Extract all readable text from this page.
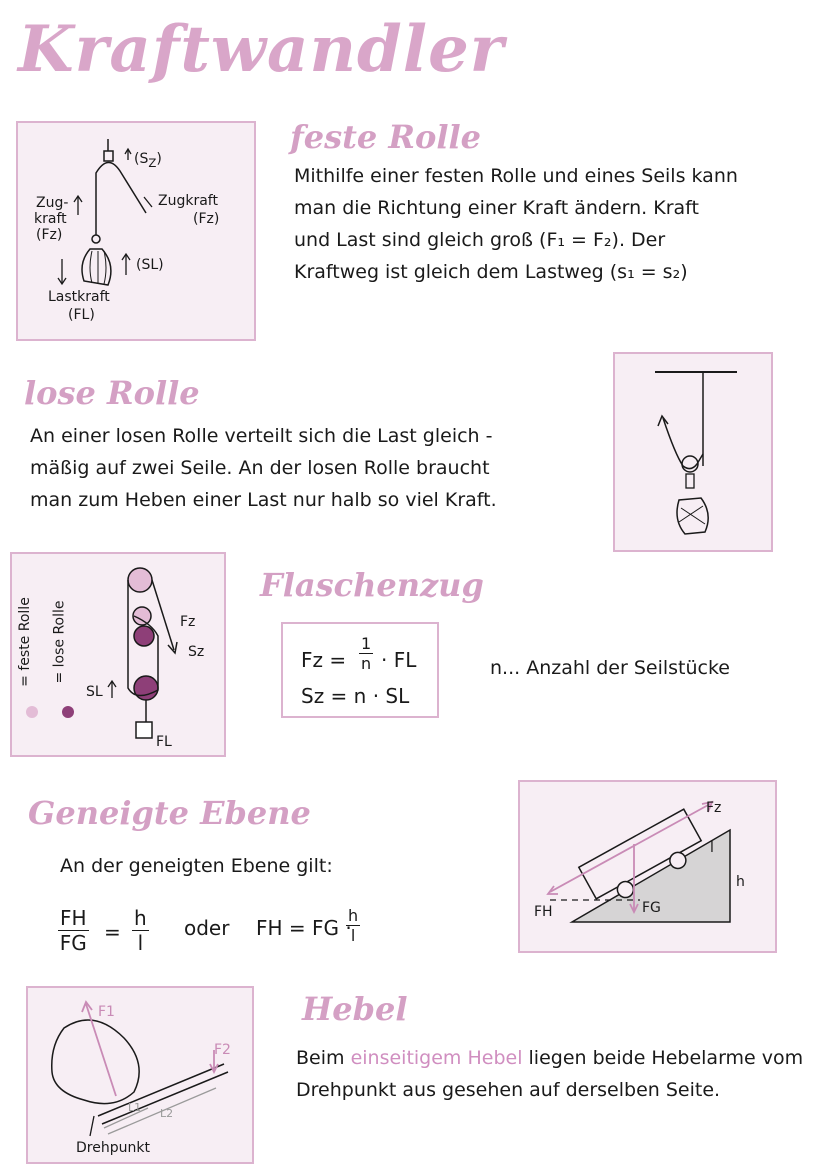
Kraftwandler
$(S_Z)$
Zug-
kraft
(Fz)
Zugkraft
(Fz)
(SL)
Lastkraft
(FL)
feste Rolle
Mithilfe einer festen Rolle und eines Seils kann
man die Richtung einer Kraft ändern. Kraft
und Last sind gleich groß (F₁ = F₂). Der
Kraftweg ist gleich dem Lastweg (s₁ = s₂)
lose Rolle
An einer losen Rolle verteilt sich die Last gleich -
mäßig auf zwei Seile. An der losen Rolle braucht
man zum Heben einer Last nur halb so viel Kraft.
= feste Rolle = lose Rolle	Fz
Sz
SL
FL
Flaschenzug
$Fz = \frac{1}{n}$ · FL
Sz = n · SL
n... Anzahl der Seilstücke
Geneigte Ebene
An der geneigten Ebene gilt:
$\frac{FH}{FG} = \frac{h}{l}$ oder FH = FG ·
$\frac{h}{l}$
Fz
h
l
FH	FG
F1
F2
L1 L2
Drehpunkt
Hebel
Beim einseitigem Hebel liegen beide Hebelarme vom
Drehpunkt aus gesehen auf derselben Seite.
